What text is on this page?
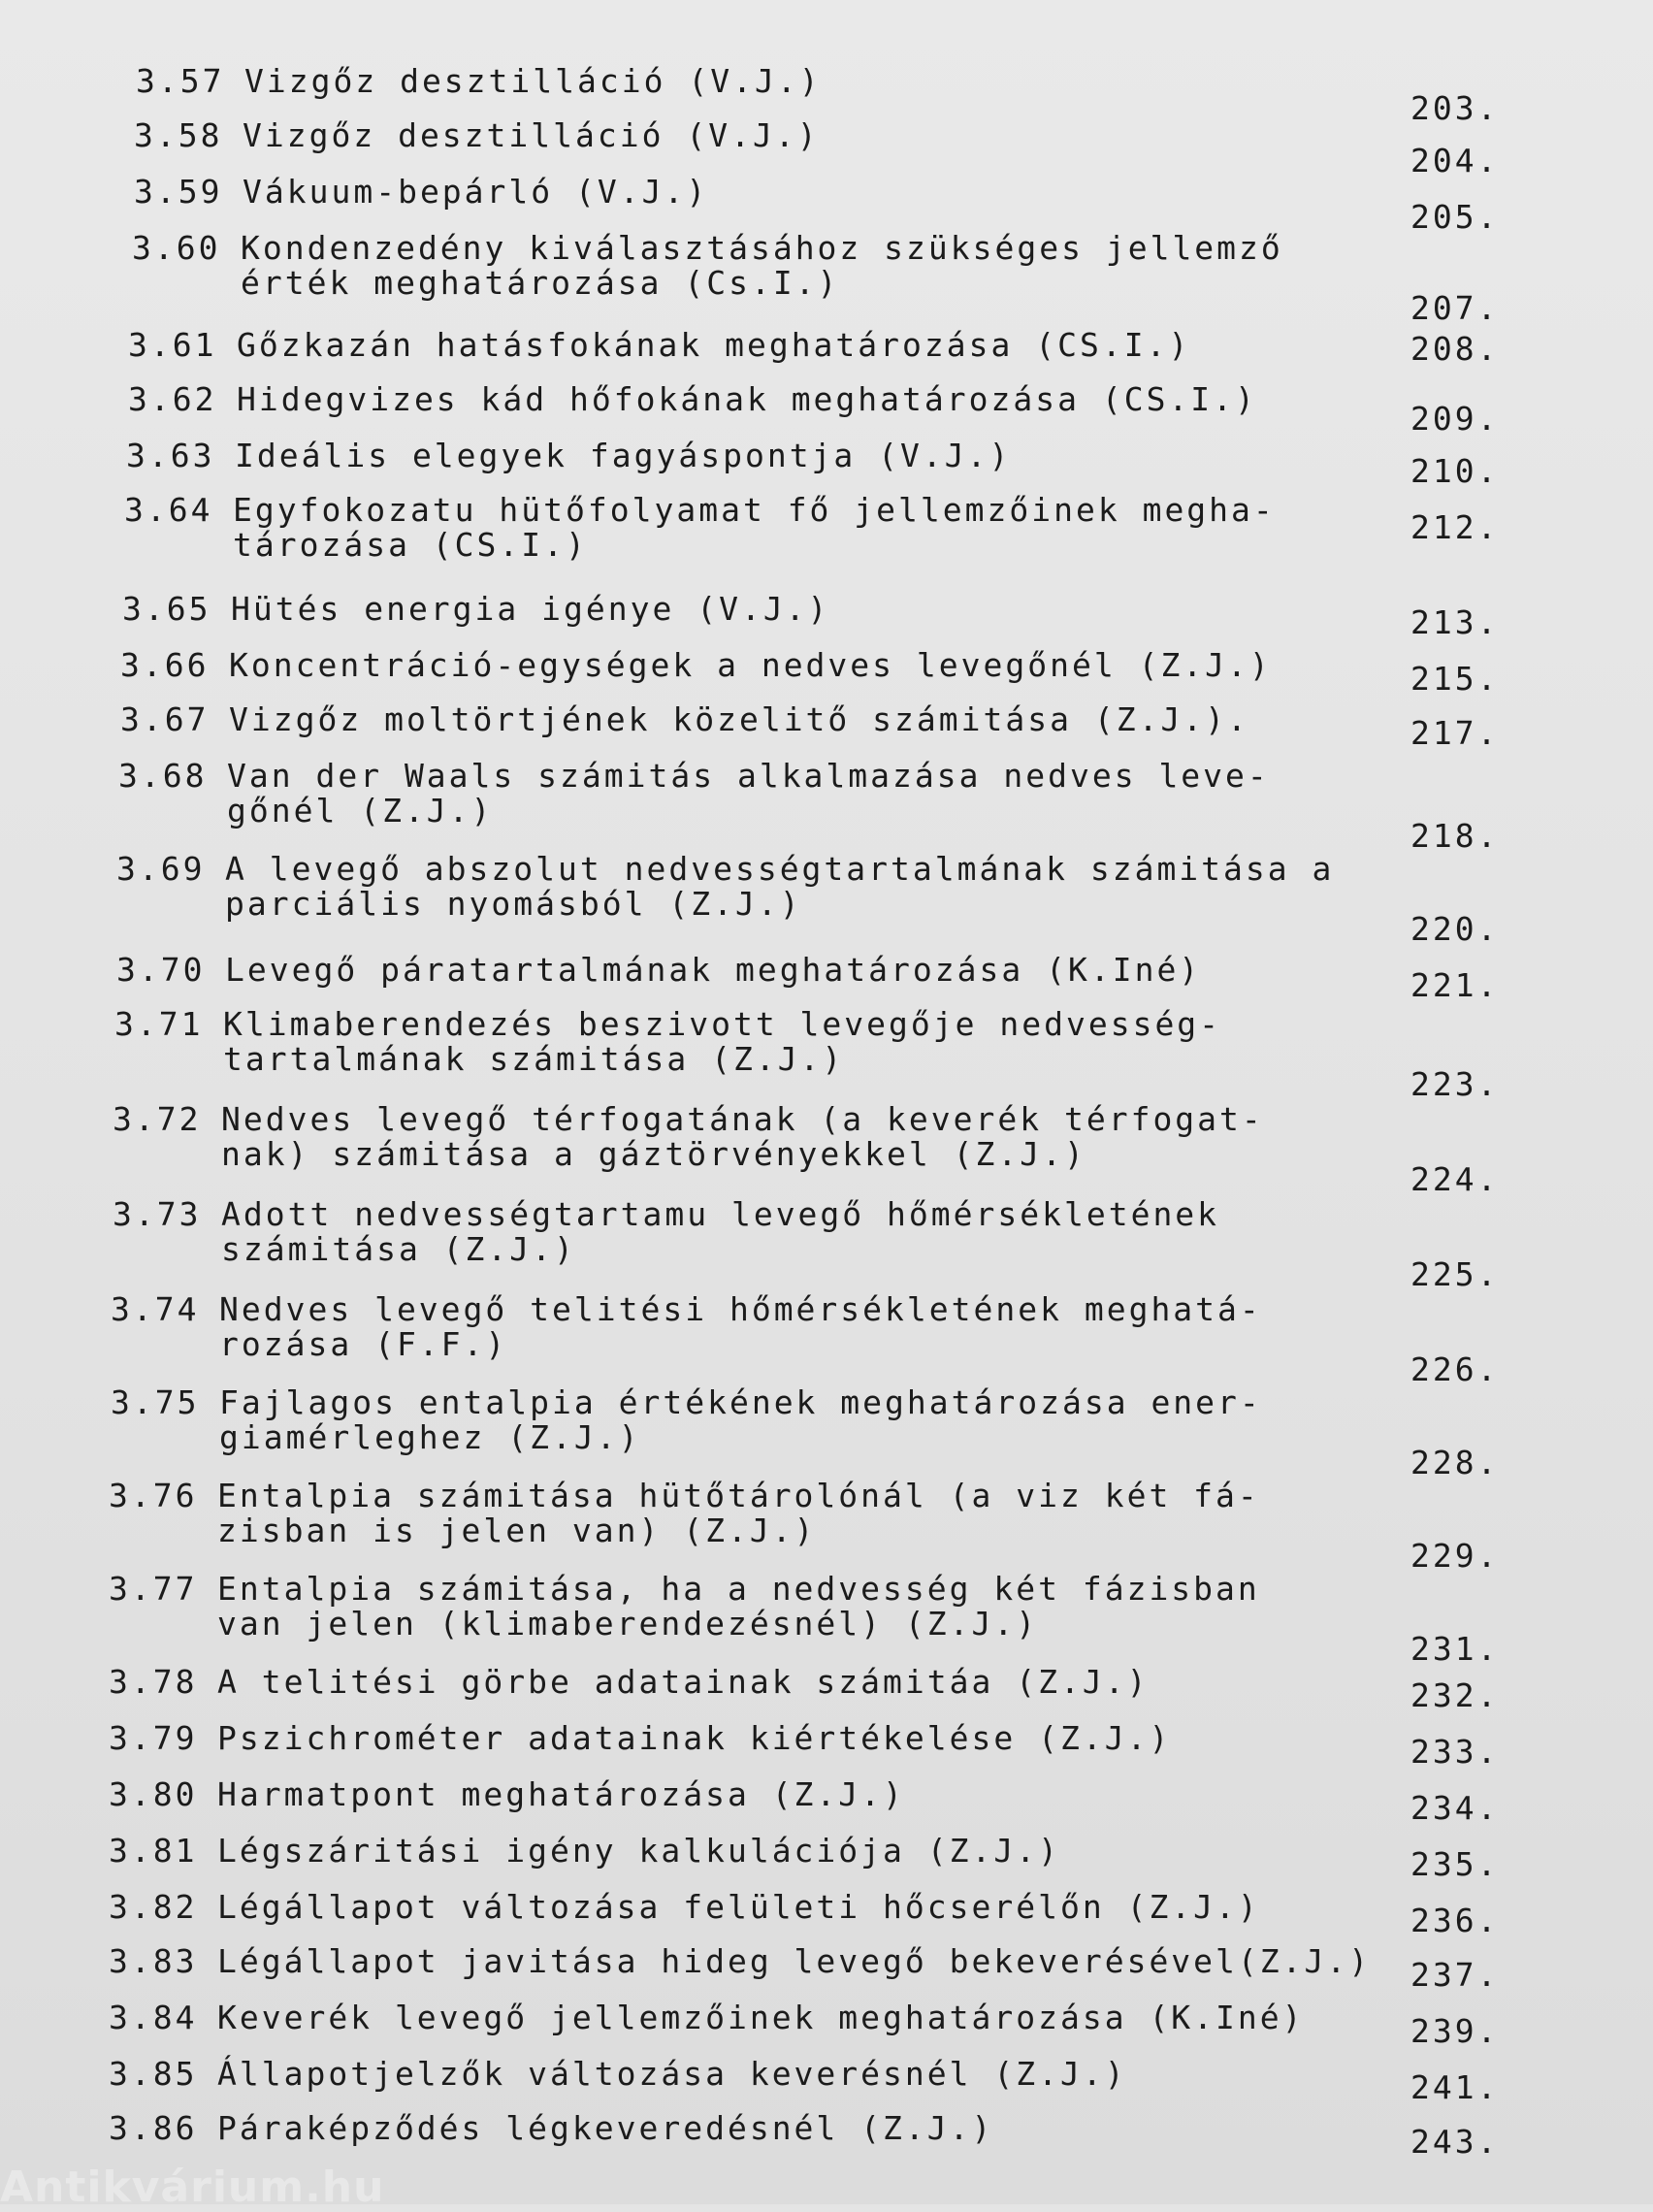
3.57 Vizgőz desztilláció (V.J.)
203.
3.58 Vizgőz desztilláció (V.J.)
204.
3.59 Vákuum-bepárló (V.J.)
205.
3.60 Kondenzedény kiválasztásához szükséges jellemző
érték meghatározása (Cs.I.)
207.
3.61 Gőzkazán hatásfokának meghatározása (CS.I.)	208.
3.62 Hidegvizes kád hőfokának meghatározása (CS.I.)
209.
3.63 Ideális elegyek fagyáspontja (V.J.)	210.
3.64 Egyfokozatu hütőfolyamat fő jellemzőinek megha-
tározása (CS.I.)	212.
3.65 Hütés energia igénye (V.J.)	213.
3.66 Koncentráció-egységek a nedves levegőnél (Z.J.)	215.
3.67 Vizgőz moltörtjének közelitő számitása (Z.J.).	217.
3.68 Van der Waals számitás alkalmazása nedves leve-
gőnél (Z.J.)
218.
3.69 A levegő abszolut nedvességtartalmának számitása a
parciális nyomásból (Z.J.)
220.
3.70 Levegő páratartalmának meghatározása (K.Iné)	221.
3.71 Klimaberendezés beszivott levegője nedvesség-
tartalmának számitása (Z.J.)
223.
3.72 Nedves levegő térfogatának (a keverék térfogat-
nak) számitása a gáztörvényekkel (Z.J.)
224.
3.73 Adott nedvességtartamu levegő hőmérsékletének
számitása (Z.J.)
225.
3.74 Nedves levegő telitési hőmérsékletének meghatá-
rozása (F.F.)
226.
3.75 Fajlagos entalpia értékének meghatározása ener-
giamérleghez (Z.J.)
228.
3.76 Entalpia számitása hütőtárolónál (a viz két fá-
zisban is jelen van) (Z.J.)
229.
3.77 Entalpia számitása, ha a nedvesség két fázisban
van jelen (klimaberendezésnél) (Z.J.)
231.
3.78 A telitési görbe adatainak számitáa (Z.J.)	232.
3.79 Pszichrométer adatainak kiértékelése (Z.J.)	233.
3.80 Harmatpont meghatározása (Z.J.)	234.
3.81 Légszáritási igény kalkulációja (Z.J.)	235.
3.82 Légállapot változása felületi hőcserélőn (Z.J.)	236.
3.83 Légállapot javitása hideg levegő bekeverésével(Z.J.)	237.
3.84 Keverék levegő jellemzőinek meghatározása (K.Iné)	239.
3.85 Állapotjelzők változása keverésnél (Z.J.)	241.
3.86 Páraképződés légkeveredésnél (Z.J.)	243.
Antikvárium.hu
